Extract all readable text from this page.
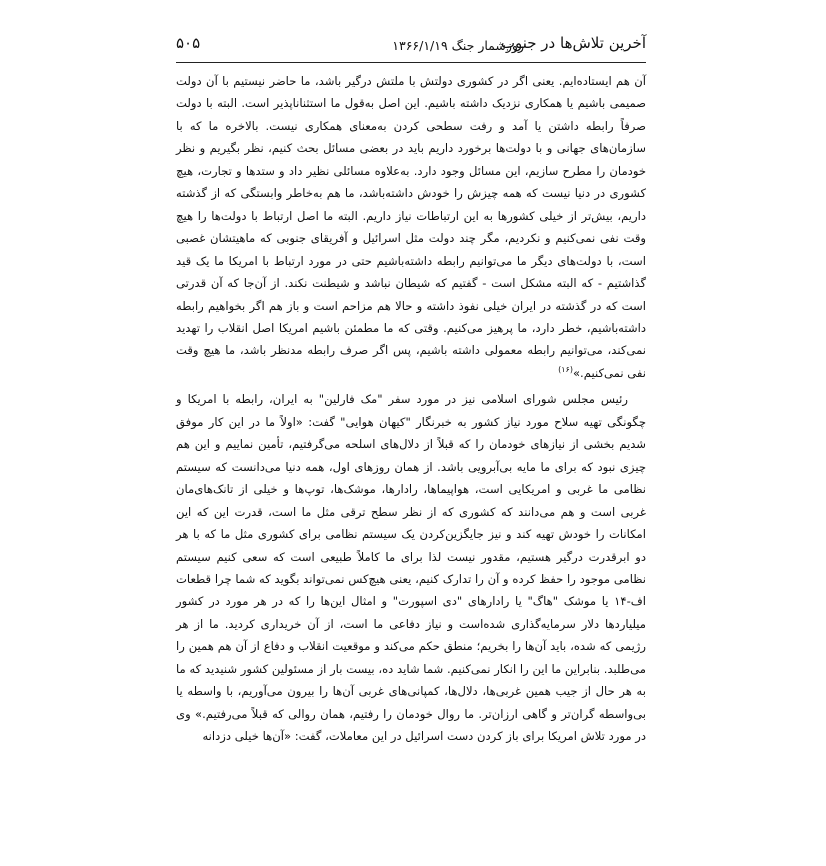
آخرین تلاش‌ها در جنوب
روزشمار جنگ ۱۳۶۶/۱/۱۹
۵۰۵

آن هم ایستاده‌ایم. یعنی اگر در کشوری دولتش با ملتش درگیر باشد، ما حاضر نیستیم با آن دولت صمیمی باشیم یا همکاری نزدیک داشته باشیم. این اصل به‌قول ما استثناناپذیر است. البته با دولت صرفاً رابطه داشتن یا آمد و رفت سطحی کردن به‌معنای همکاری نیست. بالاخره ما که با سازمان‌های جهانی و با دولت‌ها برخورد داریم باید در بعضی مسائل بحث کنیم، نظر بگیریم و نظر خودمان را مطرح سازیم، این مسائل وجود دارد. به‌علاوه مسائلی نظیر داد و ستدها و تجارت، هیچ کشوری در دنیا نیست که همه چیزش را خودش داشته‌باشد، ما هم به‌خاطر وابستگی که از گذشته داریم، بیش‌تر از خیلی کشورها به این ارتباطات نیاز داریم. البته ما اصل ارتباط با دولت‌ها را هیچ وقت نفی نمی‌کنیم و نکردیم، مگر چند دولت مثل اسرائیل و آفریقای جنوبی که ماهیتشان غصبی است، با دولت‌های دیگر ما می‌توانیم رابطه داشته‌باشیم حتی در مورد ارتباط با امریکا ما یک قید گذاشتیم - که البته مشکل است - گفتیم که شیطان نباشد و شیطنت نکند. از آن‌جا که آن قدرتی است که در گذشته در ایران خیلی نفوذ داشته و حالا هم مزاحم است و باز هم اگر بخواهیم رابطه داشته‌باشیم، خطر دارد، ما پرهیز می‌کنیم. وقتی که ما مطمئن باشیم امریکا اصل انقلاب را تهدید نمی‌کند، می‌توانیم رابطه معمولی داشته باشیم، پس اگر صرف رابطه مدنظر باشد، ما هیچ وقت نفی نمی‌کنیم.»$^{(۱۶)}$

رئیس مجلس شورای اسلامی نیز در مورد سفر "مک فارلین" به ایران، رابطه با امریکا و چگونگی تهیه سلاح مورد نیاز کشور به خبرنگار "کیهان هوایی" گفت: «اولاً ما در این کار موفق شدیم بخشی از نیازهای خودمان را که قبلاً از دلال‌های اسلحه می‌گرفتیم، تأمین نماییم و این هم چیزی نبود که برای ما مایه بی‌آبرویی باشد. از همان روزهای اول، همه دنیا می‌دانست که سیستم نظامی ما غربی و امریکایی است، هواپیماها، رادارها، موشک‌ها، توپ‌ها و خیلی از تانک‌های‌مان غربی است و هم می‌دانند که کشوری که از نظر سطح ترقی مثل ما است، قدرت این که این امکانات را خودش تهیه کند و نیز جایگزین‌کردن یک سیستم نظامی برای کشوری مثل ما که با هر دو ابرقدرت درگیر هستیم، مقدور نیست لذا برای ما کاملاً طبیعی است که سعی کنیم سیستم نظامی موجود را حفظ کرده و آن را تدارک کنیم، یعنی هیچ‌کس نمی‌تواند بگوید که شما چرا قطعات اف-۱۴ یا موشک "هاگ" یا رادارهای "دی اسپورت" و امثال این‌ها را که در هر مورد در کشور میلیاردها دلار سرمایه‌گذاری شده‌است و نیاز دفاعی ما است، از آن خریداری کردید. ما از هر رژیمی که شده، باید آن‌ها را بخریم؛ منطق حکم می‌کند و موقعیت انقلاب و دفاع از آن هم همین را می‌طلبد. بنابراین ما این را انکار نمی‌کنیم. شما شاید ده، بیست بار از مسئولین کشور شنیدید که ما به هر حال از جیب همین غربی‌ها، دلال‌ها، کمپانی‌های غربی آن‌ها را بیرون می‌آوریم، با واسطه یا بی‌واسطه گران‌تر و گاهی ارزان‌تر. ما روال خودمان را رفتیم، همان روالی که قبلاً می‌رفتیم.» وی در مورد تلاش امریکا برای باز کردن دست اسرائیل در این معاملات، گفت: «آن‌ها خیلی دزدانه
